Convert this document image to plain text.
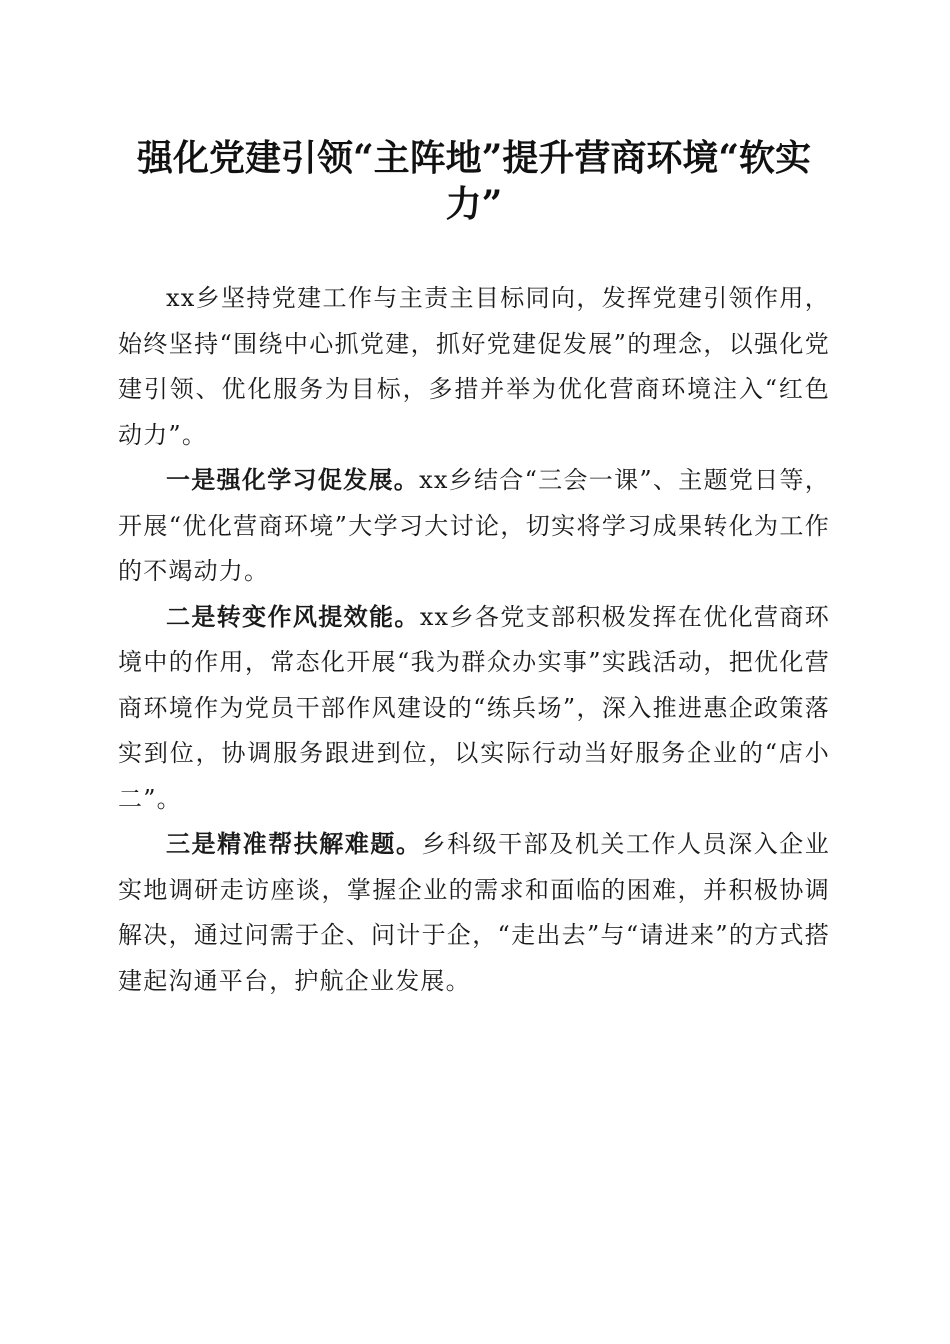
强化党建引领“主阵地”提升营商环境“软实力”

xx乡坚持党建工作与主责主目标同向，发挥党建引领作用，始终坚持“围绕中心抓党建，抓好党建促发展”的理念，以强化党建引领、优化服务为目标，多措并举为优化营商环境注入“红色动力”。

一是强化学习促发展。xx乡结合“三会一课”、主题党日等，开展“优化营商环境”大学习大讨论，切实将学习成果转化为工作的不竭动力。

二是转变作风提效能。xx乡各党支部积极发挥在优化营商环境中的作用，常态化开展“我为群众办实事”实践活动，把优化营商环境作为党员干部作风建设的“练兵场”，深入推进惠企政策落实到位，协调服务跟进到位，以实际行动当好服务企业的“店小二”。

三是精准帮扶解难题。乡科级干部及机关工作人员深入企业实地调研走访座谈，掌握企业的需求和面临的困难，并积极协调解决，通过问需于企、问计于企，“走出去”与“请进来”的方式搭建起沟通平台，护航企业发展。
